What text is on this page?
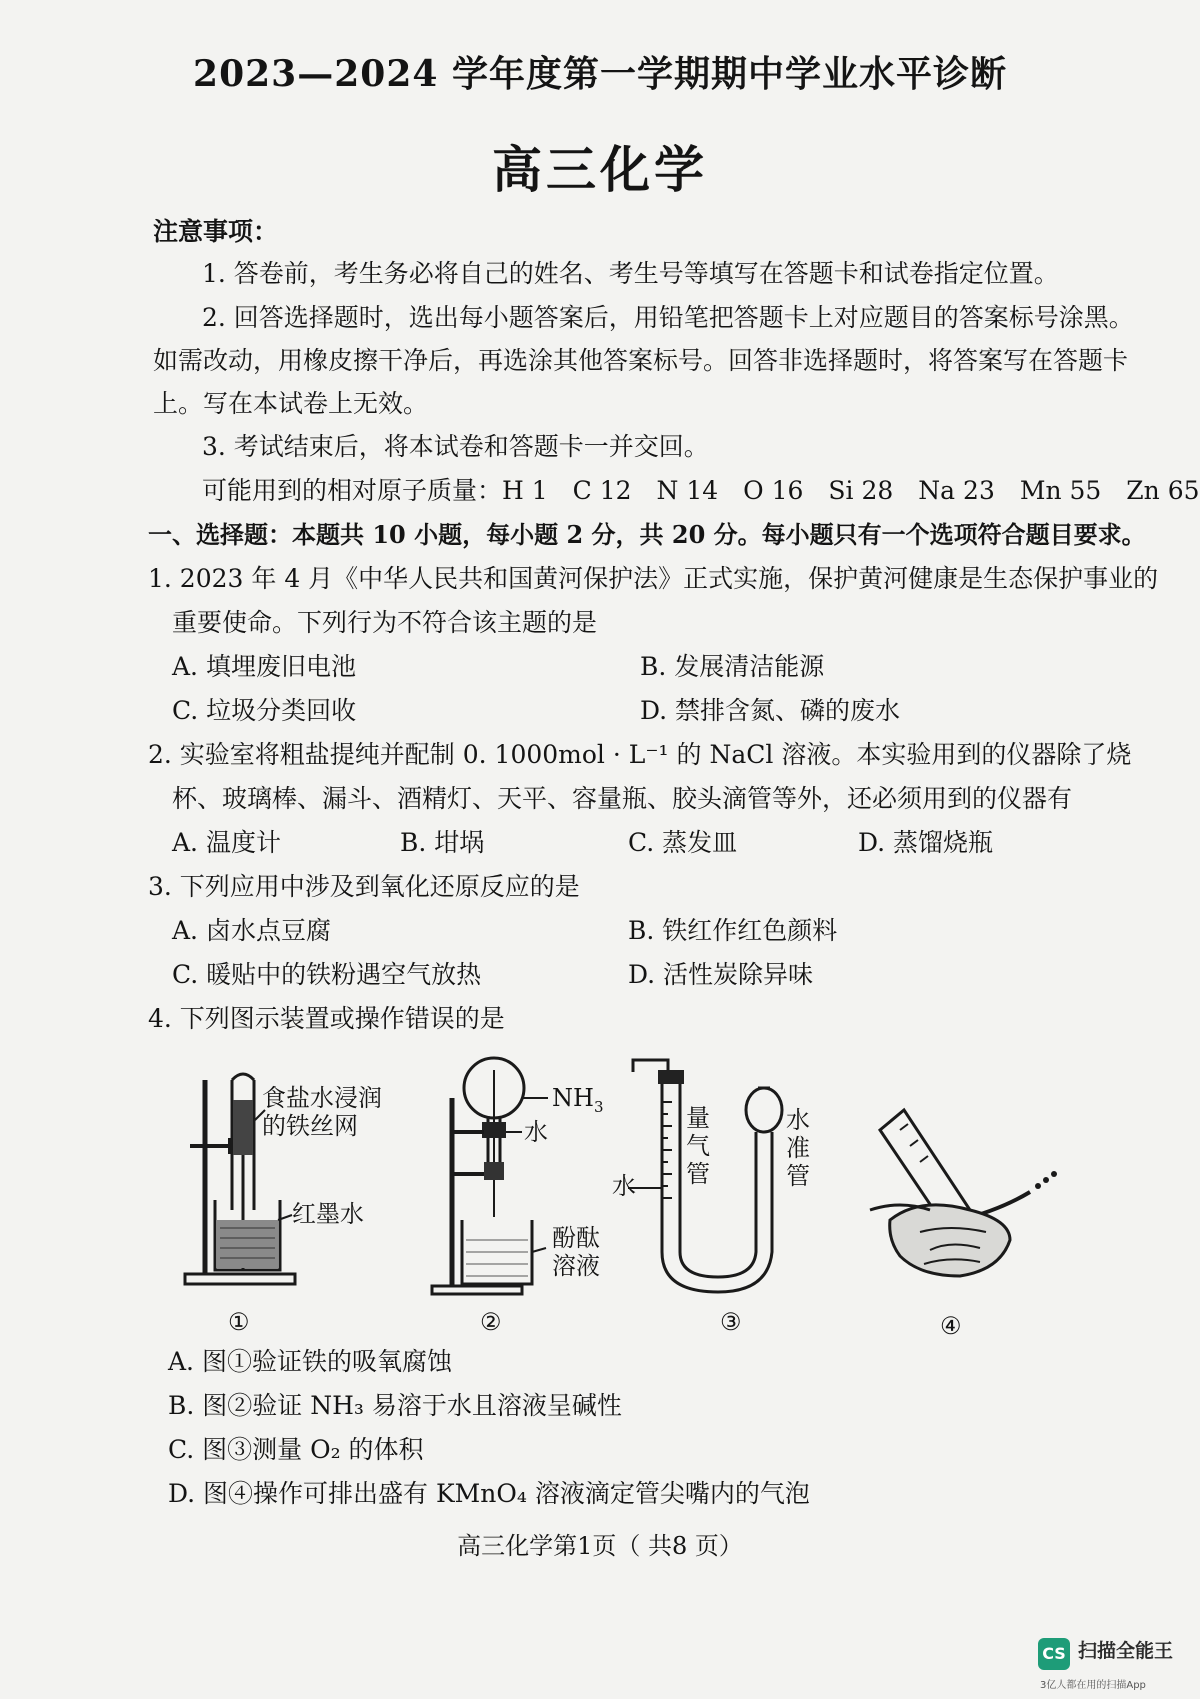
2023—2024 学年度第一学期期中学业水平诊断
高三化学
注意事项：
1. 答卷前，考生务必将自己的姓名、考生号等填写在答题卡和试卷指定位置。
2. 回答选择题时，选出每小题答案后，用铅笔把答题卡上对应题目的答案标号涂黑。
如需改动，用橡皮擦干净后，再选涂其他答案标号。回答非选择题时，将答案写在答题卡
上。写在本试卷上无效。
3. 考试结束后，将本试卷和答题卡一并交回。
可能用到的相对原子质量：H 1　C 12　N 14　O 16　Si 28　Na 23　Mn 55　Zn 65
一、选择题：本题共 10 小题，每小题 2 分，共 20 分。每小题只有一个选项符合题目要求。
1. 2023 年 4 月《中华人民共和国黄河保护法》正式实施，保护黄河健康是生态保护事业的
重要使命。下列行为不符合该主题的是
A. 填埋废旧电池	B. 发展清洁能源
C. 垃圾分类回收	D. 禁排含氮、磷的废水
2. 实验室将粗盐提纯并配制 0. 1000mol · L⁻¹ 的 NaCl 溶液。本实验用到的仪器除了烧
杯、玻璃棒、漏斗、酒精灯、天平、容量瓶、胶头滴管等外，还必须用到的仪器有
A. 温度计	B. 坩埚	C. 蒸发皿	D. 蒸馏烧瓶
3. 下列应用中涉及到氧化还原反应的是
A. 卤水点豆腐	B. 铁红作红色颜料
C. 暖贴中的铁粉遇空气放热	D. 活性炭除异味
4. 下列图示装置或操作错误的是
食盐水浸润
的铁丝网
红墨水
①
$NH_3$
水
酚酞
溶液
②
量
气
管
水
水
准
管
③	④
A. 图①验证铁的吸氧腐蚀
B. 图②验证 NH₃ 易溶于水且溶液呈碱性
C. 图③测量 O₂ 的体积
D. 图④操作可排出盛有 KMnO₄ 溶液滴定管尖嘴内的气泡
高三化学第1页（ 共8 页）
CS 扫描全能王
3亿人都在用的扫描App
